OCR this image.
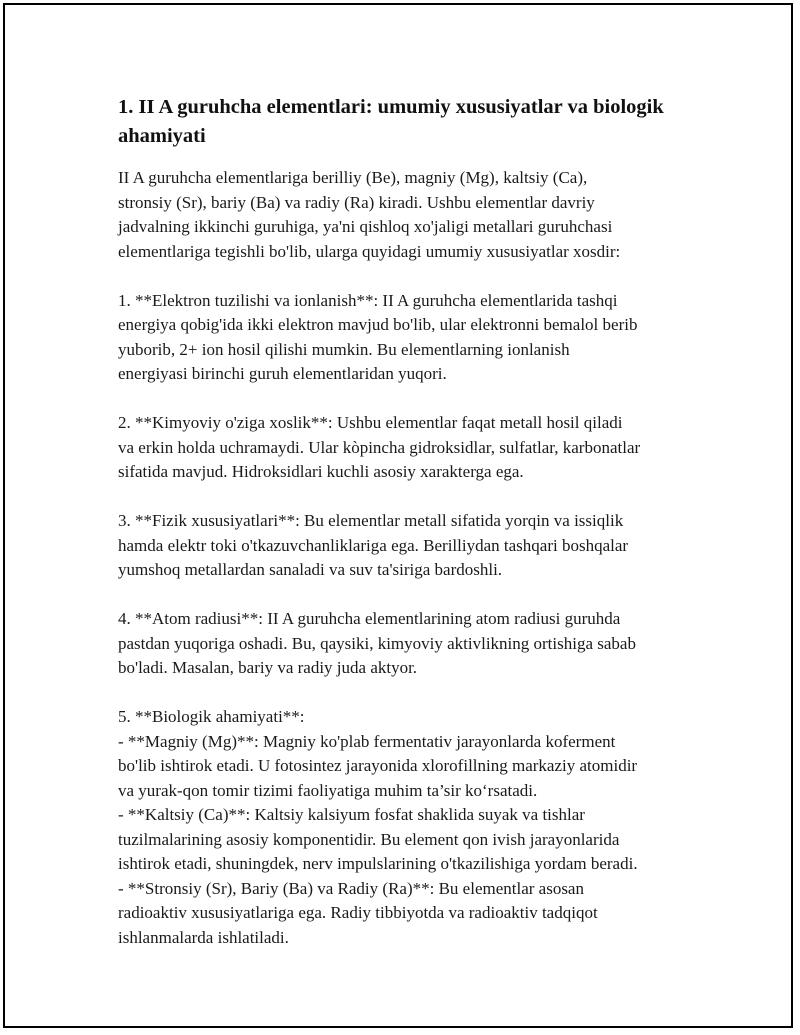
1. II A guruhcha elementlari: umumiy xususiyatlar va biologik ahamiyati

II A guruhcha elementlariga berilliy (Be), magniy (Mg), kaltsiy (Ca),
stronsiy (Sr), bariy (Ba) va radiy (Ra) kiradi. Ushbu elementlar davriy
jadvalning ikkinchi guruhiga, ya'ni qishloq xo'jaligi metallari guruhchasi
elementlariga tegishli bo'lib, ularga quyidagi umumiy xususiyatlar xosdir:

1. **Elektron tuzilishi va ionlanish**: II A guruhcha elementlarida tashqi
energiya qobig'ida ikki elektron mavjud bo'lib, ular elektronni bemalol berib
yuborib, 2+ ion hosil qilishi mumkin. Bu elementlarning ionlanish
energiyasi birinchi guruh elementlaridan yuqori.

2. **Kimyoviy o'ziga xoslik**: Ushbu elementlar faqat metall hosil qiladi
va erkin holda uchramaydi. Ular kòpincha gidroksidlar, sulfatlar, karbonatlar
sifatida mavjud. Hidroksidlari kuchli asosiy xarakterga ega.

3. **Fizik xususiyatlari**: Bu elementlar metall sifatida yorqin va issiqlik
hamda elektr toki o'tkazuvchanliklariga ega. Berilliydan tashqari boshqalar
yumshoq metallardan sanaladi va suv ta'siriga bardoshli.

4. **Atom radiusi**: II A guruhcha elementlarining atom radiusi guruhda
pastdan yuqoriga oshadi. Bu, qaysiki, kimyoviy aktivlikning ortishiga sabab
bo'ladi. Masalan, bariy va radiy juda aktyor.

5. **Biologik ahamiyati**:
- **Magniy (Mg)**: Magniy ko'plab fermentativ jarayonlarda koferment
bo'lib ishtirok etadi. U fotosintez jarayonida xlorofillning markaziy atomidir
va yurak-qon tomir tizimi faoliyatiga muhim ta’sir ko‘rsatadi.
- **Kaltsiy (Ca)**: Kaltsiy kalsiyum fosfat shaklida suyak va tishlar
tuzilmalarining asosiy komponentidir. Bu element qon ivish jarayonlarida
ishtirok etadi, shuningdek, nerv impulslarining o'tkazilishiga yordam beradi.
- **Stronsiy (Sr), Bariy (Ba) va Radiy (Ra)**: Bu elementlar asosan
radioaktiv xususiyatlariga ega. Radiy tibbiyotda va radioaktiv tadqiqot
ishlanmalarda ishlatiladi.
